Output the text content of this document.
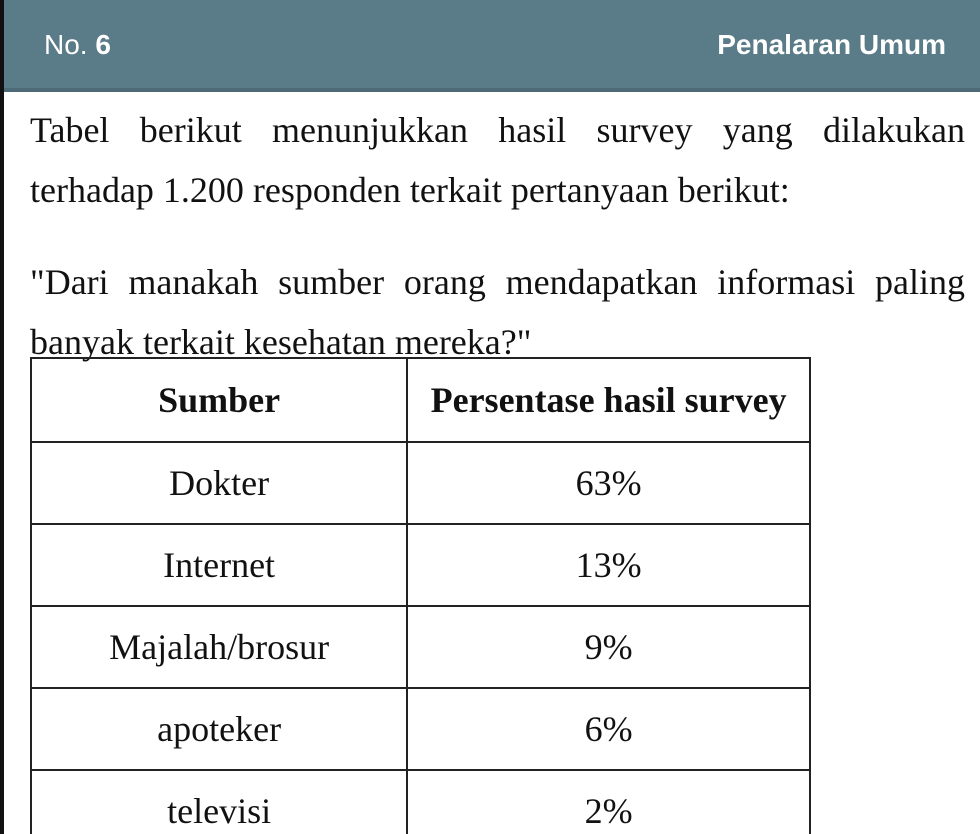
No. 6	Penalaran Umum

Tabel berikut menunjukkan hasil survey yang dilakukan terhadap 1.200 responden terkait pertanyaan berikut:

"Dari manakah sumber orang mendapatkan informasi paling banyak terkait kesehatan mereka?"

Sumber	Persentase hasil survey
Dokter	63%
Internet	13%
Majalah/brosur	9%
apoteker	6%
televisi	2%
